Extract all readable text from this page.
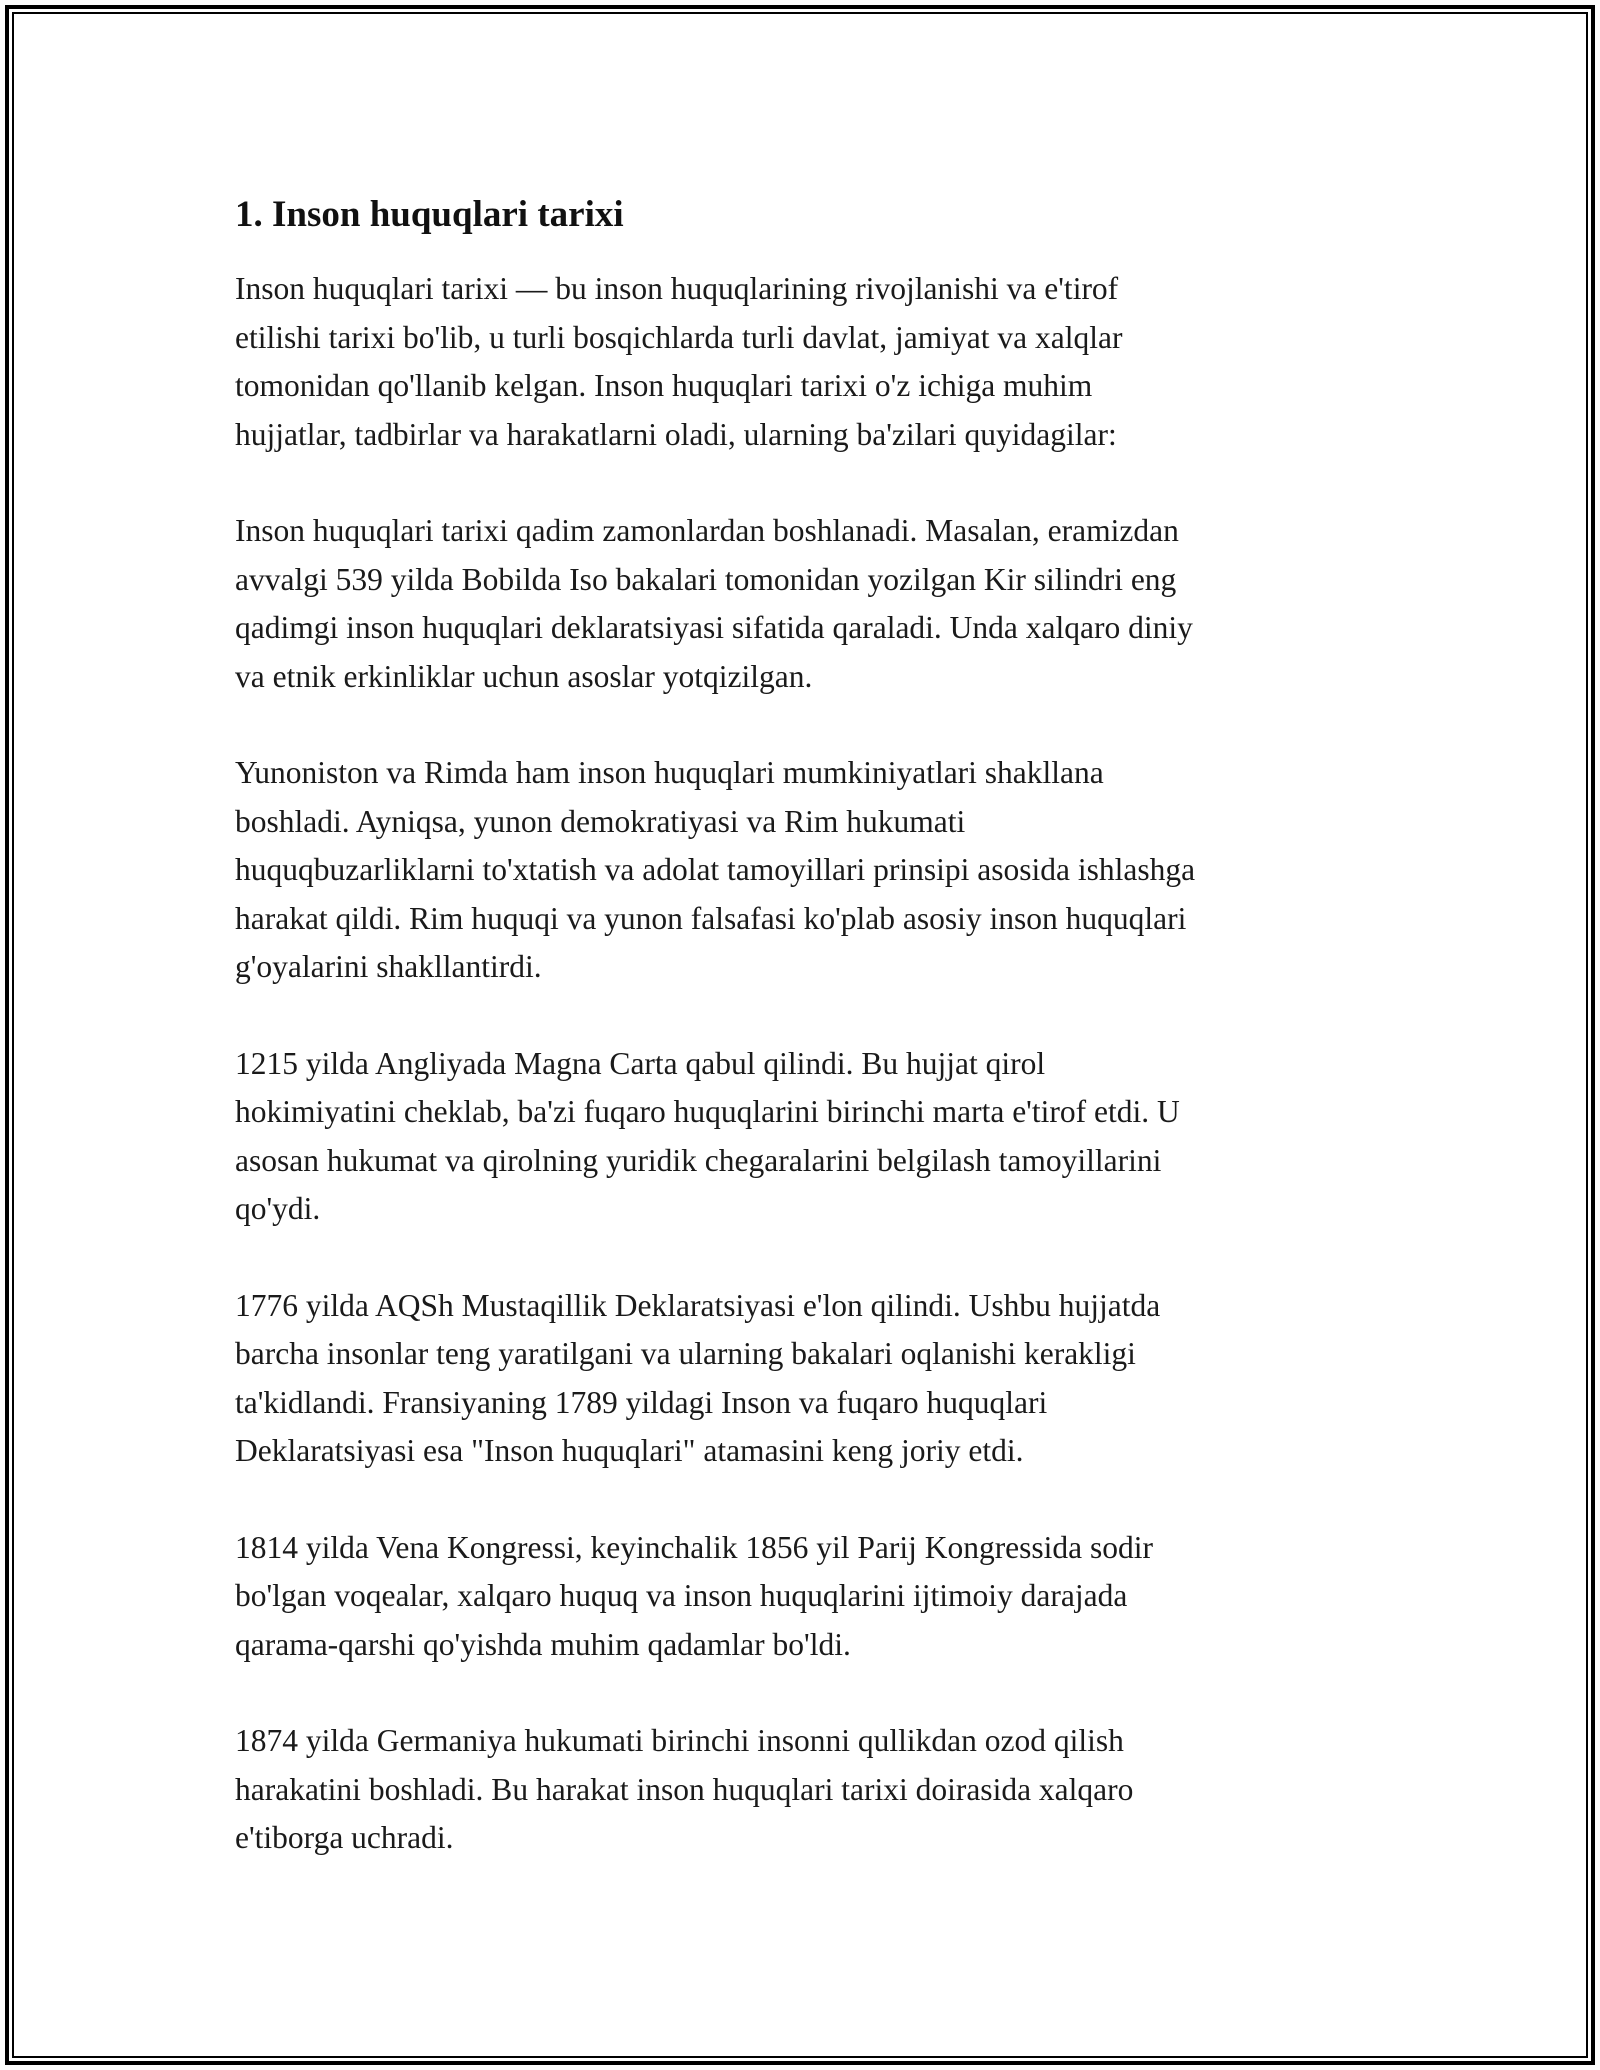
1. Inson huquqlari tarixi

Inson huquqlari tarixi — bu inson huquqlarining rivojlanishi va e'tirof
etilishi tarixi bo'lib, u turli bosqichlarda turli davlat, jamiyat va xalqlar
tomonidan qo'llanib kelgan. Inson huquqlari tarixi o'z ichiga muhim
hujjatlar, tadbirlar va harakatlarni oladi, ularning ba'zilari quyidagilar:

Inson huquqlari tarixi qadim zamonlardan boshlanadi. Masalan, eramizdan
avvalgi 539 yilda Bobilda Iso bakalari tomonidan yozilgan Kir silindri eng
qadimgi inson huquqlari deklaratsiyasi sifatida qaraladi. Unda xalqaro diniy
va etnik erkinliklar uchun asoslar yotqizilgan.

Yunoniston va Rimda ham inson huquqlari mumkiniyatlari shakllana
boshladi. Ayniqsa, yunon demokratiyasi va Rim hukumati
huquqbuzarliklarni to'xtatish va adolat tamoyillari prinsipi asosida ishlashga
harakat qildi. Rim huquqi va yunon falsafasi ko'plab asosiy inson huquqlari
g'oyalarini shakllantirdi.

1215 yilda Angliyada Magna Carta qabul qilindi. Bu hujjat qirol
hokimiyatini cheklab, ba'zi fuqaro huquqlarini birinchi marta e'tirof etdi. U
asosan hukumat va qirolning yuridik chegaralarini belgilash tamoyillarini
qo'ydi.

1776 yilda AQSh Mustaqillik Deklaratsiyasi e'lon qilindi. Ushbu hujjatda
barcha insonlar teng yaratilgani va ularning bakalari oqlanishi kerakligi
ta'kidlandi. Fransiyaning 1789 yildagi Inson va fuqaro huquqlari
Deklaratsiyasi esa "Inson huquqlari" atamasini keng joriy etdi.

1814 yilda Vena Kongressi, keyinchalik 1856 yil Parij Kongressida sodir
bo'lgan voqealar, xalqaro huquq va inson huquqlarini ijtimoiy darajada
qarama-qarshi qo'yishda muhim qadamlar bo'ldi.

1874 yilda Germaniya hukumati birinchi insonni qullikdan ozod qilish
harakatini boshladi. Bu harakat inson huquqlari tarixi doirasida xalqaro
e'tiborga uchradi.
